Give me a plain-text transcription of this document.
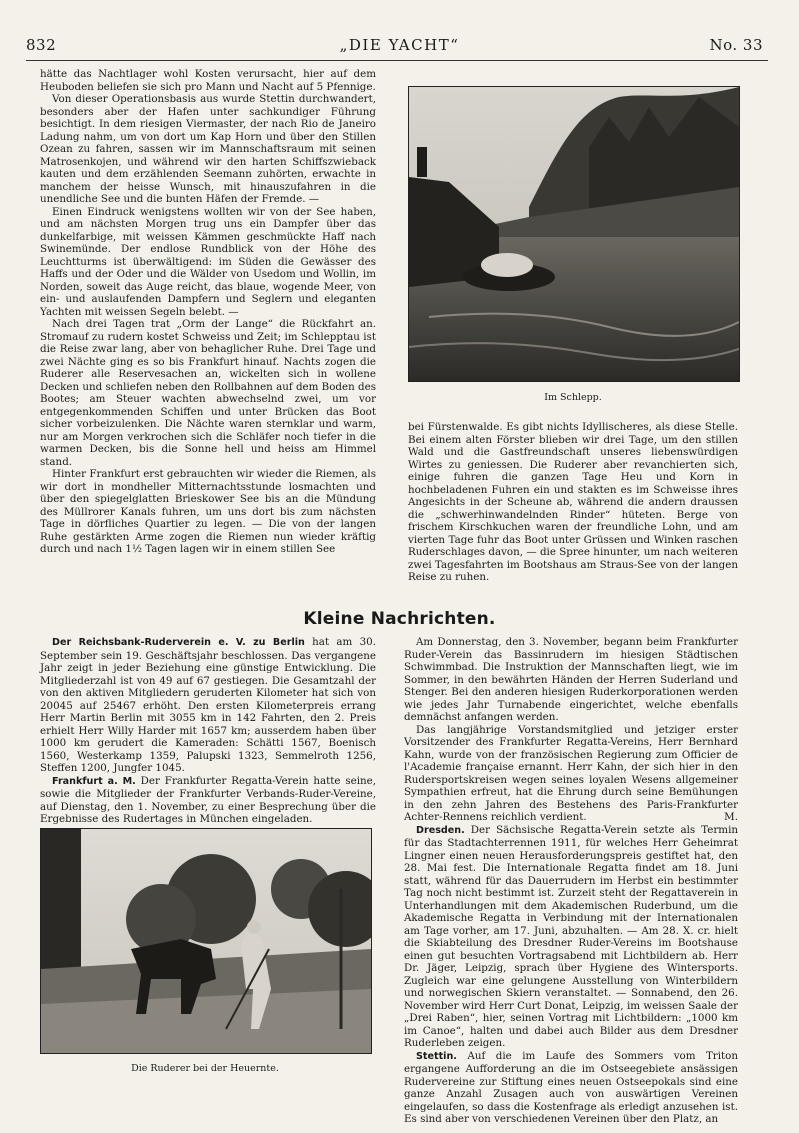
832	„DIE YACHT“	No. 33

hätte das Nachtlager wohl Kosten verursacht, hier auf dem Heuboden beliefen sie sich pro Mann und Nacht auf 5 Pfennige.

Von dieser Operationsbasis aus wurde Stettin durchwandert, besonders aber der Hafen unter sachkundiger Führung besichtigt. In dem riesigen Viermaster, der nach Rio de Janeiro Ladung nahm, um von dort um Kap Horn und über den Stillen Ozean zu fahren, sassen wir im Mannschaftsraum mit seinen Matrosenkojen, und während wir den harten Schiffszwieback kauten und dem erzählenden Seemann zuhörten, erwachte in manchem der heisse Wunsch, mit hinauszufahren in die unendliche See und die bunten Häfen der Fremde. —

Einen Eindruck wenigstens wollten wir von der See haben, und am nächsten Morgen trug uns ein Dampfer über das dunkelfarbige, mit weissen Kämmen geschmückte Haff nach Swinemünde. Der endlose Rundblick von der Höhe des Leuchtturms ist überwältigend: im Süden die Gewässer des Haffs und der Oder und die Wälder von Usedom und Wollin, im Norden, soweit das Auge reicht, das blaue, wogende Meer, von ein- und auslaufenden Dampfern und Seglern und eleganten Yachten mit weissen Segeln belebt. —

Nach drei Tagen trat „Orm der Lange“ die Rückfahrt an. Stromauf zu rudern kostet Schweiss und Zeit; im Schlepptau ist die Reise zwar lang, aber von behaglicher Ruhe. Drei Tage und zwei Nächte ging es so bis Frankfurt hinauf. Nachts zogen die Ruderer alle Reservesachen an, wickelten sich in wollene Decken und schliefen neben den Rollbahnen auf dem Boden des Bootes; am Steuer wachten abwechselnd zwei, um vor entgegenkommenden Schiffen und unter Brücken das Boot sicher vorbeizulenken. Die Nächte waren sternklar und warm, nur am Morgen verkrochen sich die Schläfer noch tiefer in die warmen Decken, bis die Sonne hell und heiss am Himmel stand.

Hinter Frankfurt erst gebrauchten wir wieder die Riemen, als wir dort in mondheller Mitternachtsstunde losmachten und über den spiegelglatten Brieskower See bis an die Mündung des Müllrorer Kanals fuhren, um uns dort bis zum nächsten Tage in dörfliches Quartier zu legen. — Die von der langen Ruhe gestärkten Arme zogen die Riemen nun wieder kräftig durch und nach 1½ Tagen lagen wir in einem stillen See

Im Schlepp.

bei Fürstenwalde. Es gibt nichts Idyllischeres, als diese Stelle. Bei einem alten Förster blieben wir drei Tage, um den stillen Wald und die Gastfreundschaft unseres liebenswürdigen Wirtes zu geniessen. Die Ruderer aber revanchierten sich, einige fuhren die ganzen Tage Heu und Korn in hochbeladenen Fuhren ein und stakten es im Schweisse ihres Angesichts in der Scheune ab, während die andern draussen die „schwerhinwandelnden Rinder“ hüteten. Berge von frischem Kirschkuchen waren der freundliche Lohn, und am vierten Tage fuhr das Boot unter Grüssen und Winken raschen Ruderschlages davon, — die Spree hinunter, um nach weiteren zwei Tagesfahrten im Bootshaus am Straus-See von der langen Reise zu ruhen.

Kleine Nachrichten.

Der Reichsbank-Ruderverein e. V. zu Berlin hat am 30. September sein 19. Geschäftsjahr beschlossen. Das vergangene Jahr zeigt in jeder Beziehung eine günstige Entwicklung. Die Mitgliederzahl ist von 49 auf 67 gestiegen. Die Gesamtzahl der von den aktiven Mitgliedern geruderten Kilometer hat sich von 20045 auf 25467 erhöht. Den ersten Kilometerpreis errang Herr Martin Berlin mit 3055 km in 142 Fahrten, den 2. Preis erhielt Herr Willy Harder mit 1657 km; ausserdem haben über 1000 km gerudert die Kameraden: Schätti 1567, Boenisch 1560, Westerkamp 1359, Palupski 1323, Semmelroth 1256, Steffen 1200, Jungfer 1045.

Frankfurt a. M. Der Frankfurter Regatta-Verein hatte seine, sowie die Mitglieder der Frankfurter Verbands-Ruder-Vereine, auf Dienstag, den 1. November, zu einer Besprechung über die Ergebnisse des Rudertages in München eingeladen.

Die Ruderer bei der Heuernte.

Am Donnerstag, den 3. November, begann beim Frankfurter Ruder-Verein das Bassinrudern im hiesigen Städtischen Schwimmbad. Die Instruktion der Mannschaften liegt, wie im Sommer, in den bewährten Händen der Herren Suderland und Stenger. Bei den anderen hiesigen Ruderkorporationen werden wie jedes Jahr Turnabende eingerichtet, welche ebenfalls demnächst anfangen werden.

Das langjährige Vorstandsmitglied und jetziger erster Vorsitzender des Frankfurter Regatta-Vereins, Herr Bernhard Kahn, wurde von der französischen Regierung zum Officier de l'Academie française ernannt. Herr Kahn, der sich hier in den Rudersportskreisen wegen seines loyalen Wesens allgemeiner Sympathien erfreut, hat die Ehrung durch seine Bemühungen in den zehn Jahren des Bestehens des Paris-Frankfurter Achter-Rennens reichlich verdient.	M.

Dresden. Der Sächsische Regatta-Verein setzte als Termin für das Stadtachterrennen 1911, für welches Herr Geheimrat Lingner einen neuen Herausforderungspreis gestiftet hat, den 28. Mai fest. Die Internationale Regatta findet am 18. Juni statt, während für das Dauerrudern im Herbst ein bestimmter Tag noch nicht bestimmt ist. Zurzeit steht der Regattaverein in Unterhandlungen mit dem Akademischen Ruderbund, um die Akademische Regatta in Verbindung mit der Internationalen am Tage vorher, am 17. Juni, abzuhalten. — Am 28. X. cr. hielt die Skiabteilung des Dresdner Ruder-Vereins im Bootshause einen gut besuchten Vortragsabend mit Lichtbildern ab. Herr Dr. Jäger, Leipzig, sprach über Hygiene des Wintersports. Zugleich war eine gelungene Ausstellung von Winterbildern und norwegischen Skiern veranstaltet. — Sonnabend, den 26. November wird Herr Curt Donat, Leipzig, im weissen Saale der „Drei Raben“, hier, seinen Vortrag mit Lichtbildern: „1000 km im Canoe“, halten und dabei auch Bilder aus dem Dresdner Ruderleben zeigen.

Stettin. Auf die im Laufe des Sommers vom Triton ergangene Aufforderung an die im Ostseegebiete ansässigen Rudervereine zur Stiftung eines neuen Ostseepokals sind eine ganze Anzahl Zusagen auch von auswärtigen Vereinen eingelaufen, so dass die Kostenfrage als erledigt anzusehen ist. Es sind aber von verschiedenen Vereinen über den Platz, an
